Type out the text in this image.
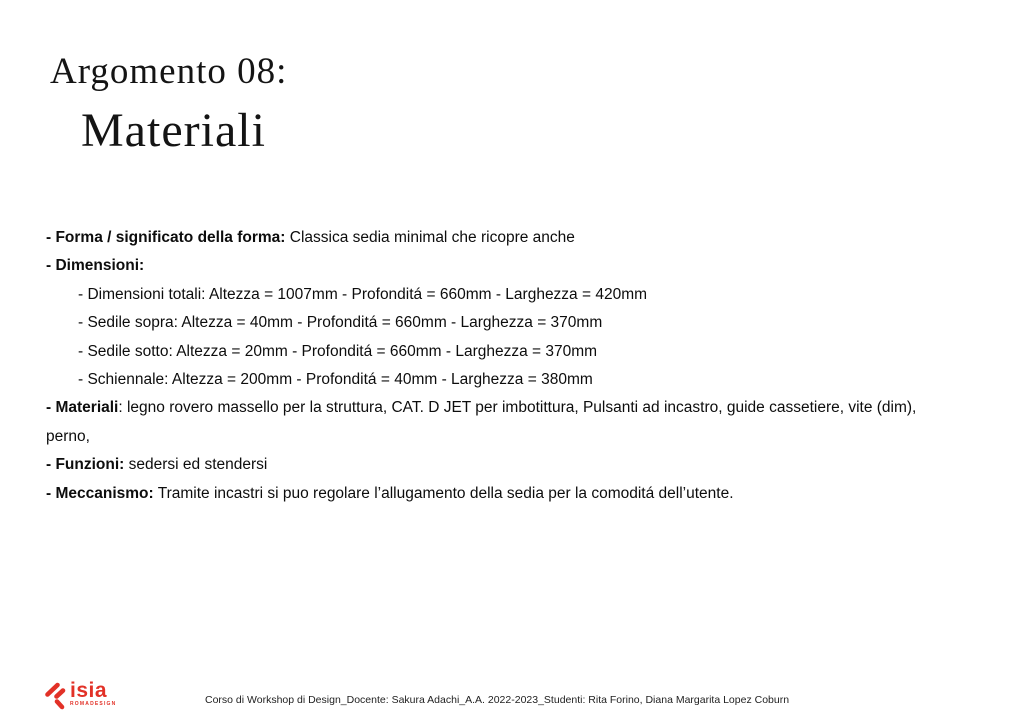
Argomento 08:
Materiali

- Forma / significato della forma: Classica sedia minimal che ricopre anche

- Dimensioni:

- Dimensioni totali: Altezza = 1007mm - Profonditá = 660mm - Larghezza = 420mm

- Sedile sopra: Altezza = 40mm - Profonditá = 660mm - Larghezza = 370mm

- Sedile sotto: Altezza = 20mm - Profonditá = 660mm - Larghezza = 370mm

- Schiennale: Altezza = 200mm - Profonditá = 40mm - Larghezza = 380mm

- Materiali: legno rovero massello per la struttura, CAT. D JET per imbotittura, Pulsanti ad incastro, guide cassetiere, vite (dim), perno,

- Funzioni: sedersi ed stendersi

- Meccanismo: Tramite incastri si puo regolare l’allugamento della sedia per la comoditá dell’utente.

isia
ROMADESIGN	Corso di Workshop di Design_Docente: Sakura Adachi_A.A. 2022-2023_Studenti: Rita Forino, Diana Margarita Lopez Coburn
